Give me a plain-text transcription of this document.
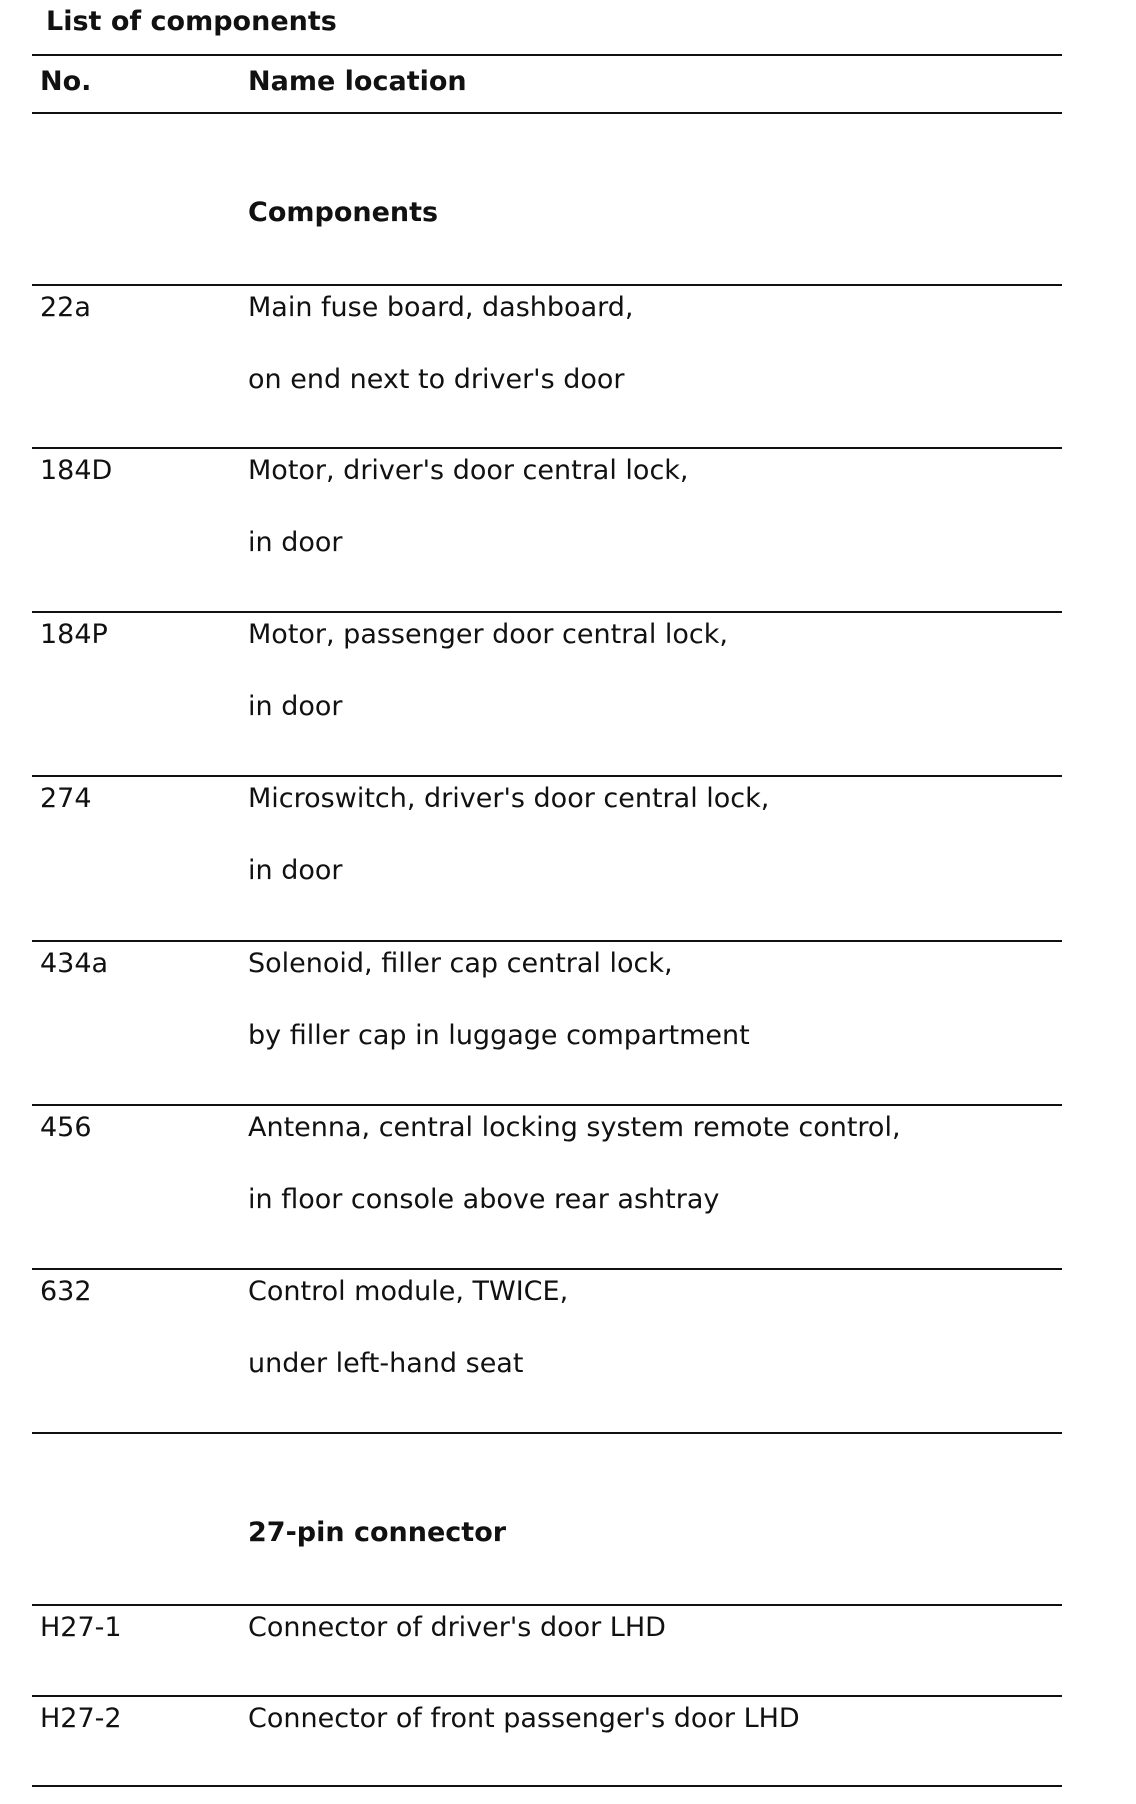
List of components
No.	Name location
Components
22a	Main fuse board, dashboard,
on end next to driver's door
184D	Motor, driver's door central lock,
in door
184P	Motor, passenger door central lock,
in door
274	Microswitch, driver's door central lock,
in door
434a	Solenoid, filler cap central lock,
by filler cap in luggage compartment
456	Antenna, central locking system remote control,
in floor console above rear ashtray
632	Control module, TWICE,
under left-hand seat
27-pin connector
H27-1	Connector of driver's door LHD
H27-2	Connector of front passenger's door LHD
